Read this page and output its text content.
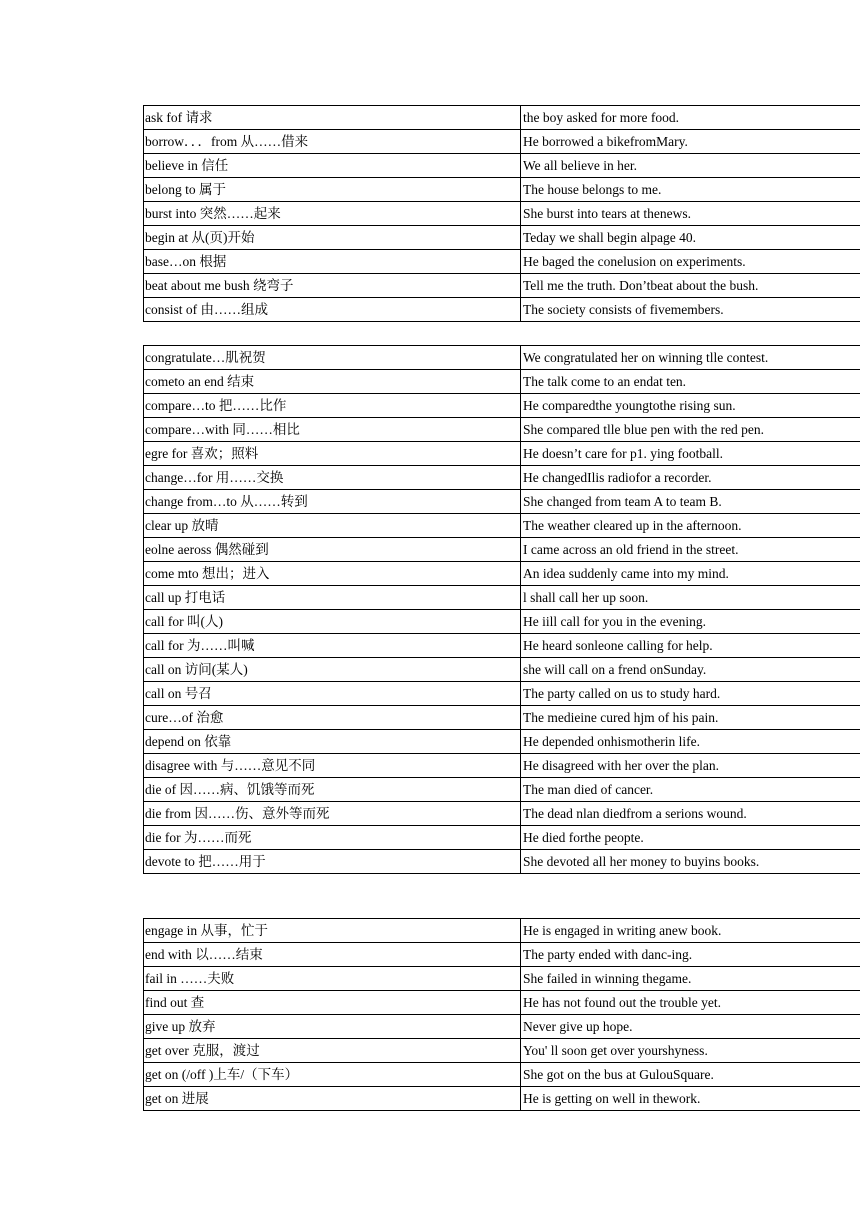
ask fof 请求	the boy asked for more food.
borrow．．．from 从……借来	He borrowed a bikefromMary.
believe in 信任	We all believe in her.
belong to 属于	The house belongs to me.
burst into 突然……起来	She burst into tears at thenews.
begin at 从(页)开始	Teday we shall begin alpage 40.
base…on 根据	He baged the conelusion on experiments.
beat about me bush 绕弯子	Tell me the truth. Don’tbeat about the bush.
consist of 由……组成	The society consists of fivemembers.
congratulate…肌祝贺	We congratulated her on winning tlle contest.
cometo an end 结束	The talk come to an endat ten.
compare…to 把……比作	He comparedthe youngtothe rising sun.
compare…with 同……相比	She compared tlle blue pen with the red pen.
egre for 喜欢；照料	He doesn’t care for p1. ying football.
change…for 用……交换	He changedIlis radiofor a recorder.
change from…to 从……转到	She changed from team A to team B.
clear up 放晴	The weather cleared up in the afternoon.
eolne aeross 偶然碰到	I came across an old friend in the street.
come mto 想出；进入	An idea suddenly came into my mind.
call up 打电话	l shall call her up soon.
call for 叫(人)	He iill call for you in the evening.
call for 为……叫喊	He heard sonleone calling for help.
call on 访问(某人)	she will call on a frend onSunday.
call on 号召	The party called on us to study hard.
cure…of 治愈	The medieine cured hjm of his pain.
depend on 依靠	He depended onhismotherin life.
disagree with 与……意见不同	He disagreed with her over the plan.
die of 因……病、饥饿等而死	The man died of cancer.
die from 因……伤、意外等而死	The dead nlan diedfrom a serions wound.
die for 为……而死	He died forthe peopte.
devote to 把……用于	She devoted all her money to buyins books.
engage in 从事，忙于	He is engaged in writing anew book.
end with 以……结束	The party ended with danc-ing.
fail in ……夫败	She failed in winning thegame.
find out 查	He has not found out the trouble yet.
give up 放弃	Never give up hope.
get over 克服，渡过	You' ll soon get over yourshyness.
get on (/off )上车/（下车）	She got on the bus at GulouSquare.
get on 进展	He is getting on well in thework.
